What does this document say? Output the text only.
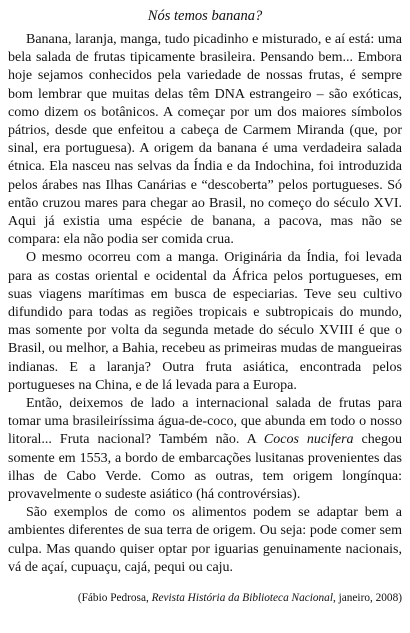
Nós temos banana?

Banana, laranja, manga, tudo picadinho e misturado, e aí está: uma bela salada de frutas tipicamente brasileira. Pensando bem... Embora hoje sejamos conhecidos pela variedade de nossas frutas, é sempre bom lembrar que muitas delas têm DNA estrangeiro – são exóticas, como dizem os botânicos. A começar por um dos maiores símbolos pátrios, desde que enfeitou a cabeça de Carmem Miranda (que, por sinal, era portuguesa). A origem da banana é uma verdadeira salada étnica. Ela nasceu nas selvas da Índia e da Indochina, foi introduzida pelos árabes nas Ilhas Canárias e “descoberta” pelos portugueses. Só então cruzou mares para chegar ao Brasil, no começo do século XVI. Aqui já existia uma espécie de banana, a pacova, mas não se compara: ela não podia ser comida crua.

O mesmo ocorreu com a manga. Originária da Índia, foi levada para as costas oriental e ocidental da África pelos portugueses, em suas viagens marítimas em busca de especiarias. Teve seu cultivo difundido para todas as regiões tropicais e subtropicais do mundo, mas somente por volta da segunda metade do século XVIII é que o Brasil, ou melhor, a Bahia, recebeu as primeiras mudas de mangueiras indianas. E a laranja? Outra fruta asiática, encontrada pelos portugueses na China, e de lá levada para a Europa.

Então, deixemos de lado a internacional salada de frutas para tomar uma brasileiríssima água-de-coco, que abunda em todo o nosso litoral... Fruta nacional? Também não. A Cocos nucifera chegou somente em 1553, a bordo de embarcações lusitanas provenientes das ilhas de Cabo Verde. Como as outras, tem origem longínqua: provavelmente o sudeste asiático (há controvérsias).

São exemplos de como os alimentos podem se adaptar bem a ambientes diferentes de sua terra de origem. Ou seja: pode comer sem culpa. Mas quando quiser optar por iguarias genuinamente nacionais, vá de açaí, cupuaçu, cajá, pequi ou caju.

(Fábio Pedrosa, Revista História da Biblioteca Nacional, janeiro, 2008)
